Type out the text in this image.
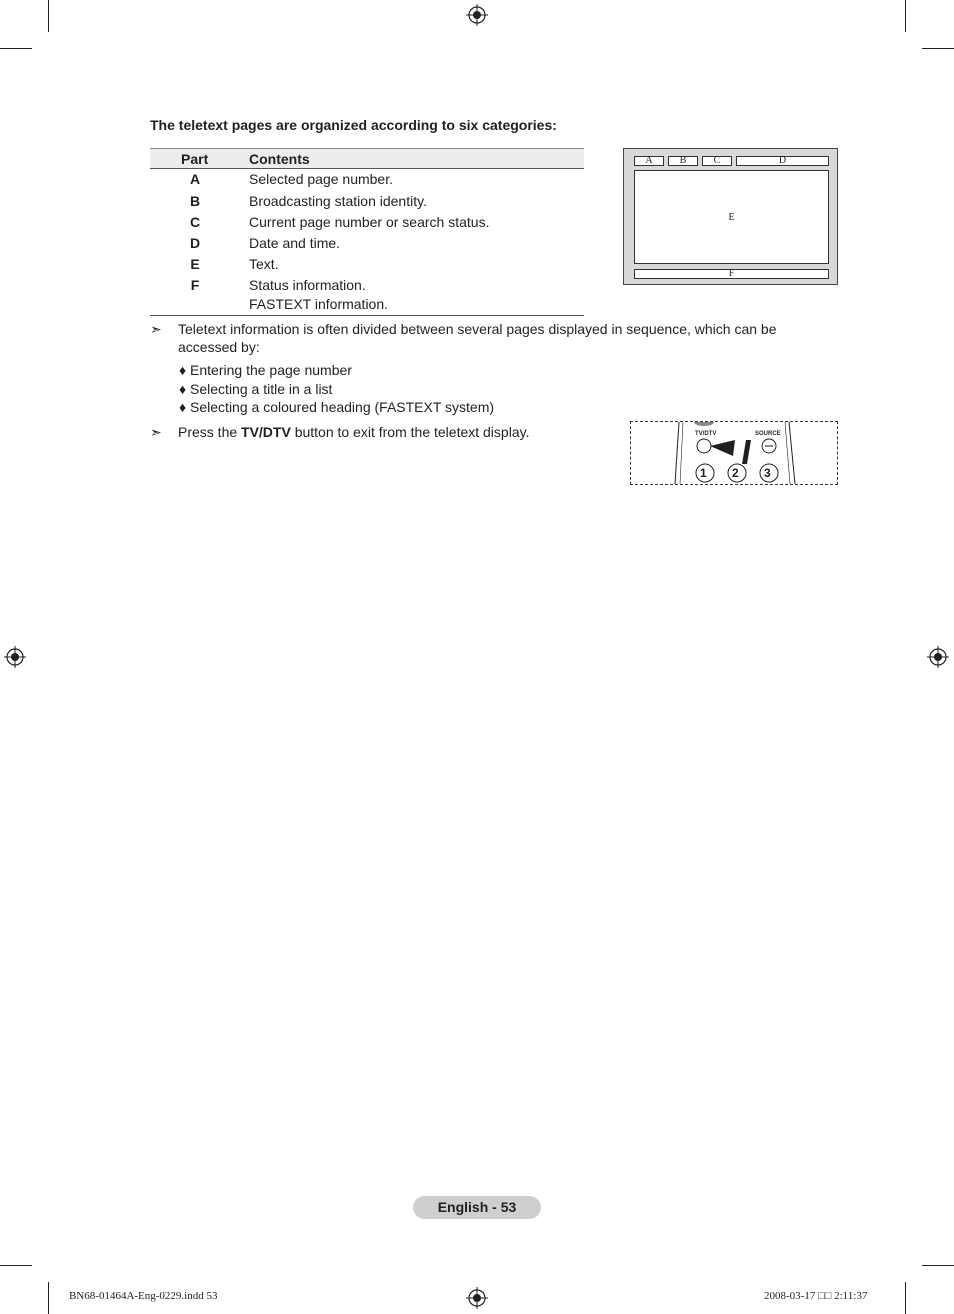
The teletext pages are organized according to six categories:
Part	Contents
A	Selected page number.
B	Broadcasting station identity.
C	Current page number or search status.
D	Date and time.
E	Text.
F	Status information.
FASTEXT information.
A	B	C	D
E
F
➣ Teletext information is often divided between several pages displayed in sequence, which can be accessed by:
♦ Entering the page number
♦ Selecting a title in a list
♦ Selecting a coloured heading (FASTEXT system)
➣ Press the TV/DTV button to exit from the teletext display.	TV/DTV	SOURCE
1 2 3
English - 53
BN68-01464A-Eng-0229.indd 53	2008-03-17 □□ 2:11:37
